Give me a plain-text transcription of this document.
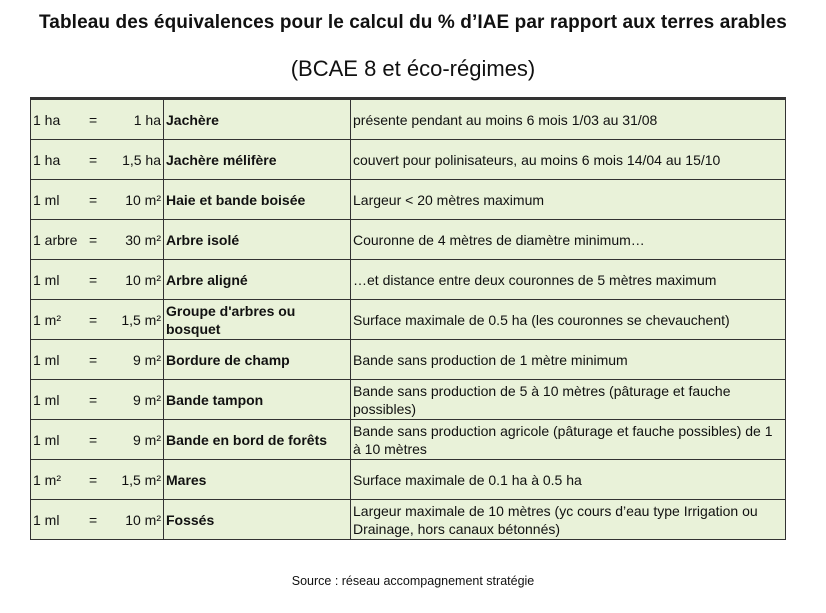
Tableau des équivalences pour le calcul du % d’IAE par rapport aux terres arables
(BCAE 8 et éco-régimes)
1 ha = 1 ha	Jachère	présente pendant au moins 6 mois 1/03 au 31/08

1 ha = 1,5 ha	Jachère mélifère	couvert pour polinisateurs, au moins 6 mois 14/04 au 15/10

1 ml = 10 m²	Haie et bande boisée	Largeur < 20 mètres maximum

1 arbre = 30 m²	Arbre isolé	Couronne de 4 mètres de diamètre minimum…

1 ml = 10 m²	Arbre aligné	…et distance entre deux couronnes de 5 mètres maximum

1 m² = 1,5 m²	Groupe d'arbres ou bosquet	Surface maximale de 0.5 ha (les couronnes se chevauchent)

1 ml = 9 m²	Bordure de champ	Bande sans production de 1 mètre minimum

1 ml = 9 m²	Bande tampon	Bande sans production de 5 à 10 mètres (pâturage et fauche possibles)

1 ml = 9 m²	Bande en bord de forêts	Bande sans production agricole (pâturage et fauche possibles) de 1 à 10 mètres

1 m² = 1,5 m²	Mares	Surface maximale de 0.1 ha à 0.5 ha

1 ml = 10 m²	Fossés	Largeur maximale de 10 mètres (yc cours d’eau type Irrigation ou Drainage, hors canaux bétonnés)
Source : réseau accompagnement stratégie
